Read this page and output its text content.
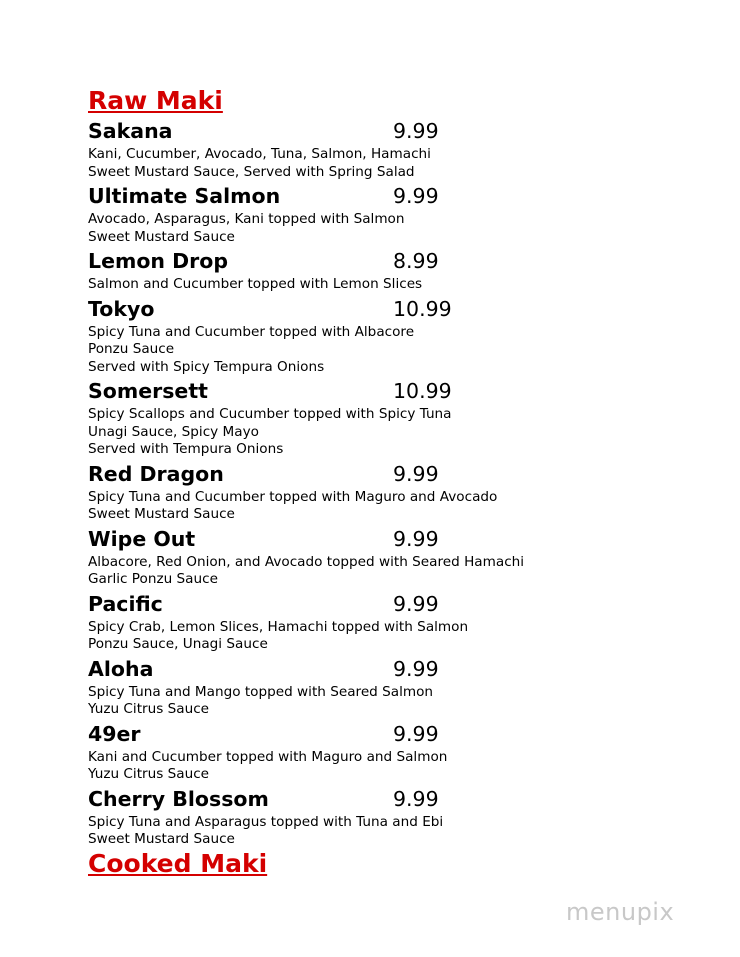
Raw Maki
Sakana	9.99
Kani, Cucumber, Avocado, Tuna, Salmon, Hamachi
Sweet Mustard Sauce, Served with Spring Salad
Ultimate Salmon	9.99
Avocado, Asparagus, Kani topped with Salmon
Sweet Mustard Sauce
Lemon Drop	8.99
Salmon and Cucumber topped with Lemon Slices
Tokyo	10.99
Spicy Tuna and Cucumber topped with Albacore
Ponzu Sauce
Served with Spicy Tempura Onions
Somersett	10.99
Spicy Scallops and Cucumber topped with Spicy Tuna
Unagi Sauce, Spicy Mayo
Served with Tempura Onions
Red Dragon	9.99
Spicy Tuna and Cucumber topped with Maguro and Avocado
Sweet Mustard Sauce
Wipe Out	9.99
Albacore, Red Onion, and Avocado topped with Seared Hamachi
Garlic Ponzu Sauce
Pacific	9.99
Spicy Crab, Lemon Slices, Hamachi topped with Salmon
Ponzu Sauce, Unagi Sauce
Aloha	9.99
Spicy Tuna and Mango topped with Seared Salmon
Yuzu Citrus Sauce
49er	9.99
Kani and Cucumber topped with Maguro and Salmon
Yuzu Citrus Sauce
Cherry Blossom	9.99
Spicy Tuna and Asparagus topped with Tuna and Ebi
Sweet Mustard Sauce
Cooked Maki
menupix
